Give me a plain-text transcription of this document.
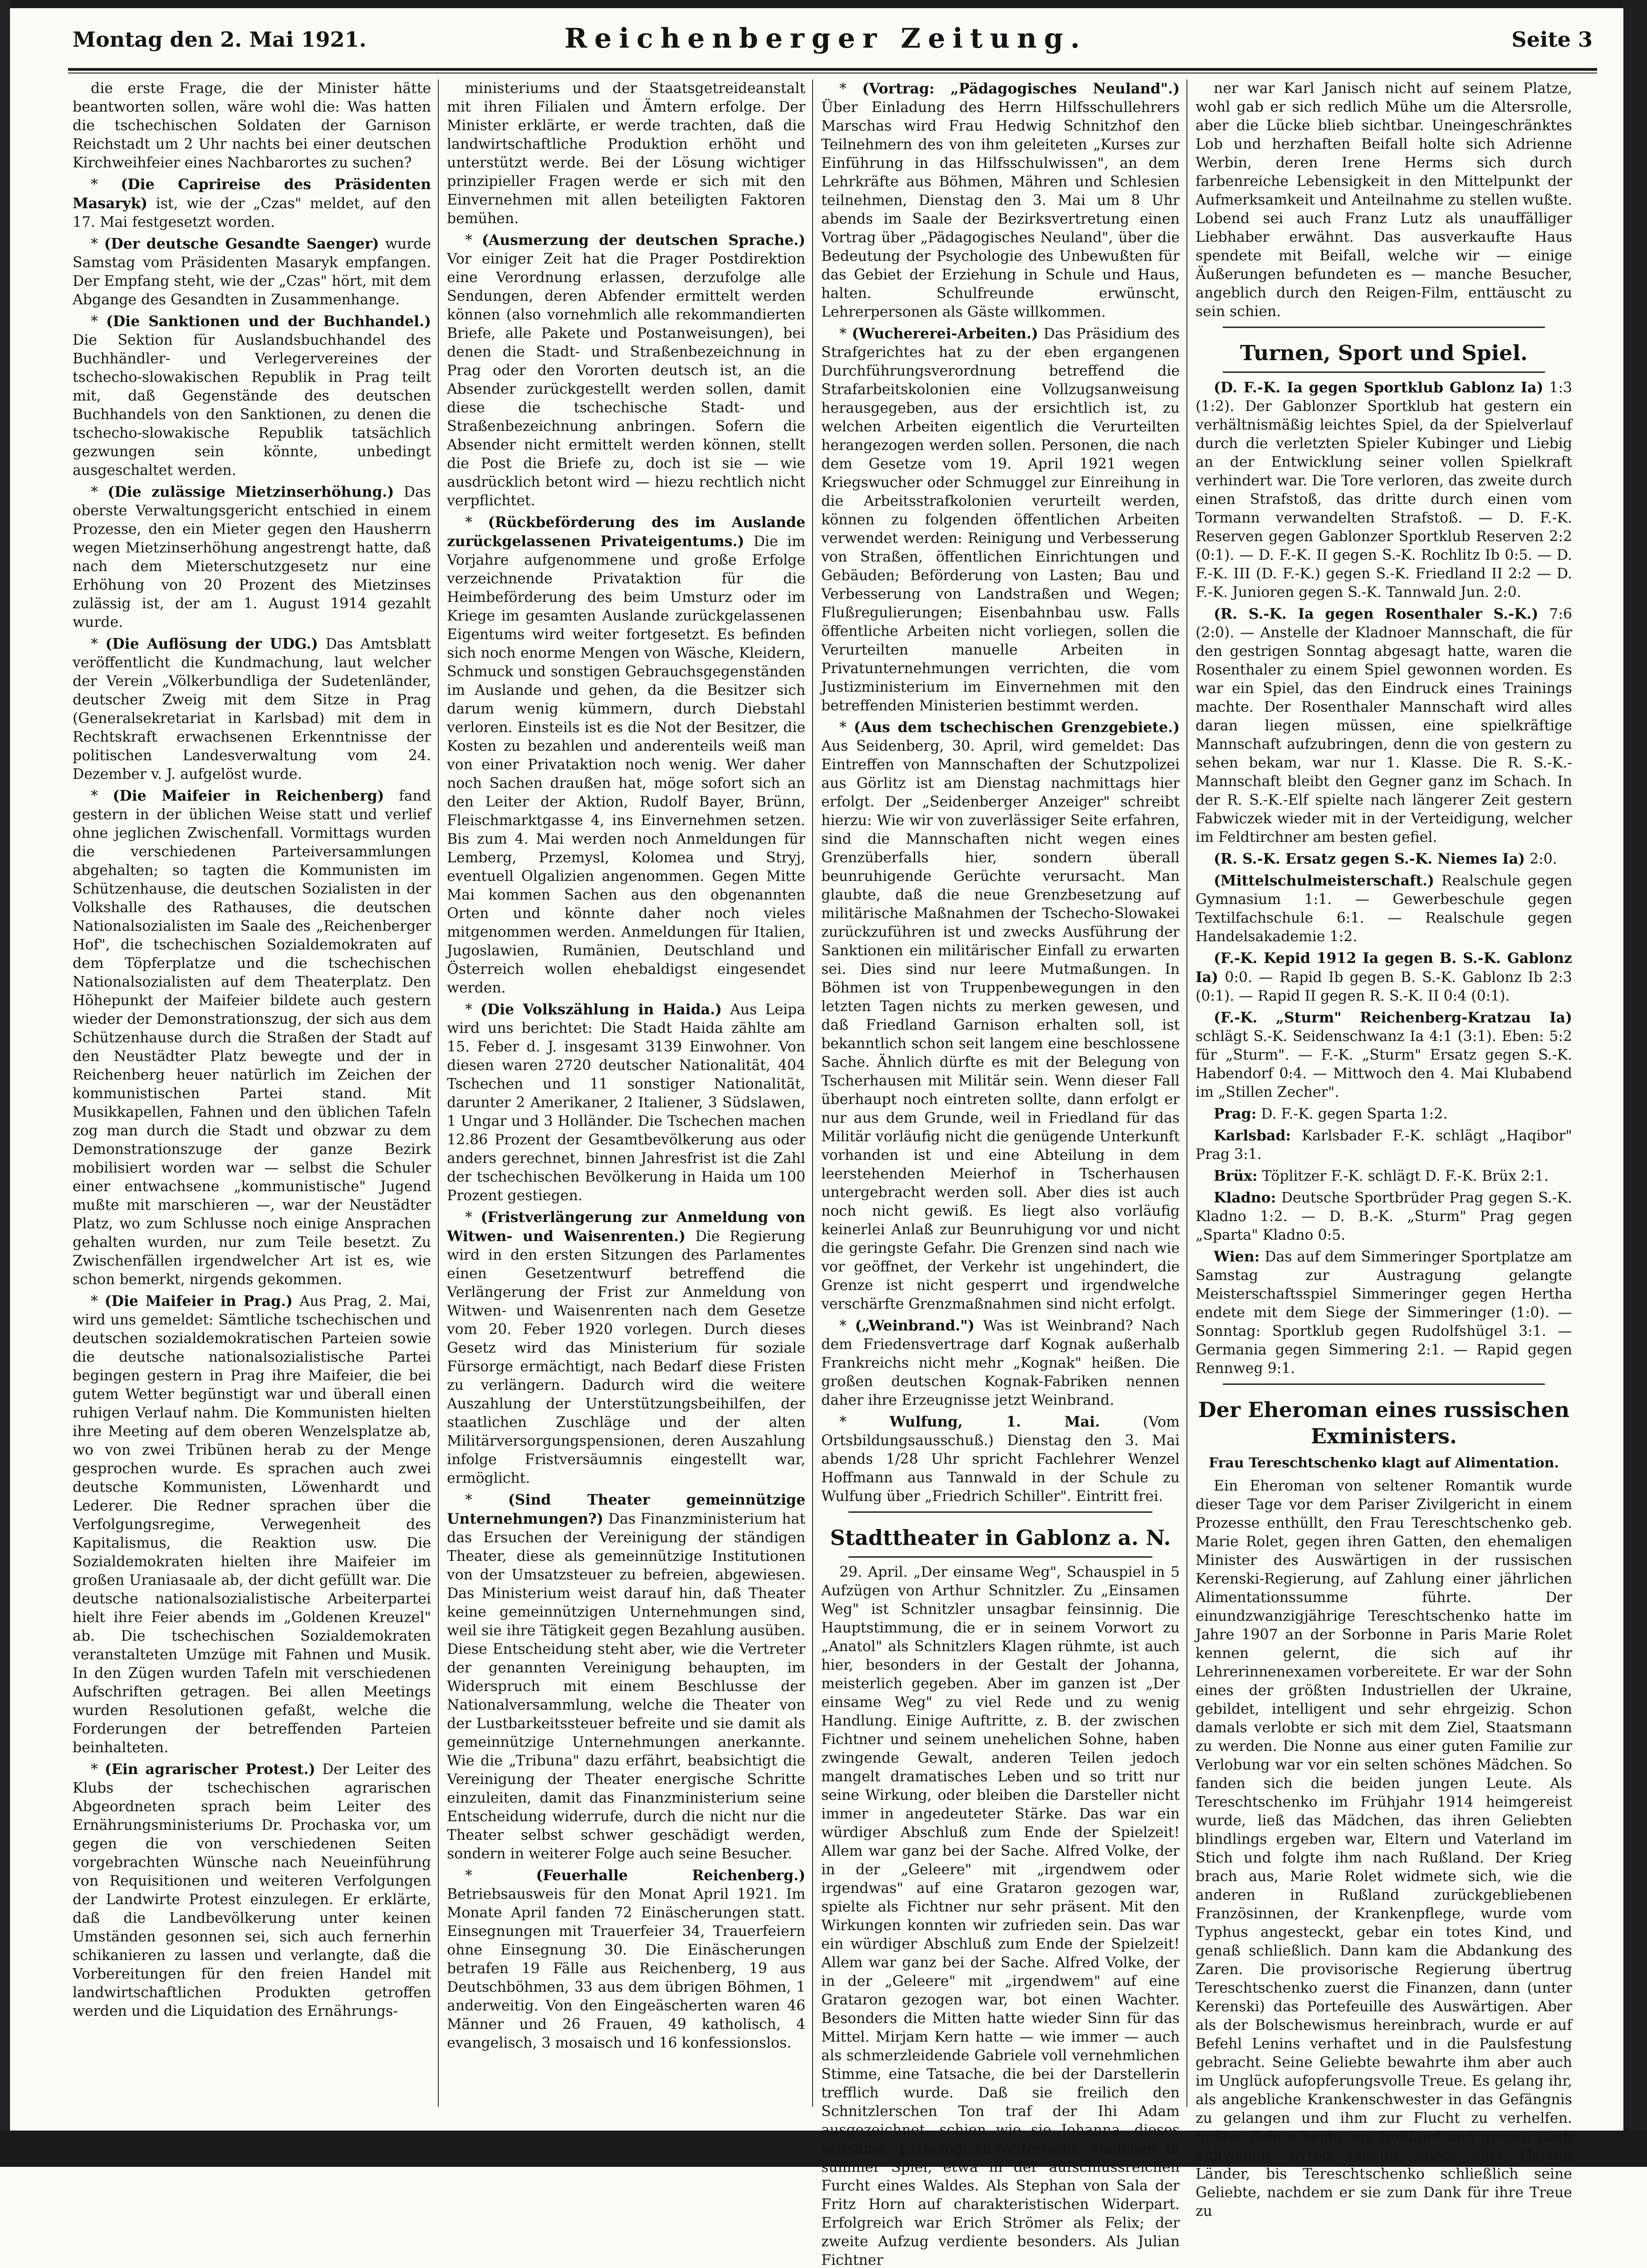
Montag den 2. Mai 1921.	Reichenberger Zeitung.	Seite 3

die erste Frage, die der Minister hätte beantworten sollen, wäre wohl die: Was hatten die tschechischen Soldaten der Garnison Reichstadt um 2 Uhr nachts bei einer deutschen Kirchweihfeier eines Nachbarortes zu suchen?

* (Die Caprireise des Präsidenten Masaryk) ist, wie der „Czas" meldet, auf den 17. Mai festgesetzt worden.

* (Der deutsche Gesandte Saenger) wurde Samstag vom Präsidenten Masaryk empfangen. Der Empfang steht, wie der „Czas" hört, mit dem Abgange des Gesandten in Zusammenhange.

* (Die Sanktionen und der Buchhandel.) Die Sektion für Auslandsbuchhandel des Buchhändler- und Verlegervereines der tschecho-slowakischen Republik in Prag teilt mit, daß Gegenstände des deutschen Buchhandels von den Sanktionen, zu denen die tschecho-slowakische Republik tatsächlich gezwungen sein könnte, unbedingt ausgeschaltet werden.

* (Die zulässige Mietzinserhöhung.) Das oberste Verwaltungsgericht entschied in einem Prozesse, den ein Mieter gegen den Hausherrn wegen Mietzinserhöhung angestrengt hatte, daß nach dem Mieterschutzgesetz nur eine Erhöhung von 20 Prozent des Mietzinses zulässig ist, der am 1. August 1914 gezahlt wurde.

* (Die Auflösung der UDG.) Das Amtsblatt veröffentlicht die Kundmachung, laut welcher der Verein „Völkerbundliga der Sudetenländer, deutscher Zweig mit dem Sitze in Prag (Generalsekretariat in Karlsbad) mit dem in Rechtskraft erwachsenen Erkenntnisse der politischen Landesverwaltung vom 24. Dezember v. J. aufgelöst wurde.

* (Die Maifeier in Reichenberg) fand gestern in der üblichen Weise statt und verlief ohne jeglichen Zwischenfall. Vormittags wurden die verschiedenen Parteiversammlungen abgehalten; so tagten die Kommunisten im Schützenhause, die deutschen Sozialisten in der Volkshalle des Rathauses, die deutschen Nationalsozialisten im Saale des „Reichenberger Hof", die tschechischen Sozialdemokraten auf dem Töpferplatze und die tschechischen Nationalsozialisten auf dem Theaterplatz. Den Höhepunkt der Maifeier bildete auch gestern wieder der Demonstrationszug, der sich aus dem Schützenhause durch die Straßen der Stadt auf den Neustädter Platz bewegte und der in Reichenberg heuer natürlich im Zeichen der kommunistischen Partei stand. Mit Musikkapellen, Fahnen und den üblichen Tafeln zog man durch die Stadt und obzwar zu dem Demonstrationszuge der ganze Bezirk mobilisiert worden war — selbst die Schuler einer entwachsene „kommunistische" Jugend mußte mit marschieren —, war der Neustädter Platz, wo zum Schlusse noch einige Ansprachen gehalten wurden, nur zum Teile besetzt. Zu Zwischenfällen irgendwelcher Art ist es, wie schon bemerkt, nirgends gekommen.

* (Die Maifeier in Prag.) Aus Prag, 2. Mai, wird uns gemeldet: Sämtliche tschechischen und deutschen sozialdemokratischen Parteien sowie die deutsche nationalsozialistische Partei begingen gestern in Prag ihre Maifeier, die bei gutem Wetter begünstigt war und überall einen ruhigen Verlauf nahm. Die Kommunisten hielten ihre Meeting auf dem oberen Wenzelsplatze ab, wo von zwei Tribünen herab zu der Menge gesprochen wurde. Es sprachen auch zwei deutsche Kommunisten, Löwenhardt und Lederer. Die Redner sprachen über die Verfolgungsregime, Verwegenheit des Kapitalismus, die Reaktion usw. Die Sozialdemokraten hielten ihre Maifeier im großen Uraniasaale ab, der dicht gefüllt war. Die deutsche nationalsozialistische Arbeiterpartei hielt ihre Feier abends im „Goldenen Kreuzel" ab. Die tschechischen Sozialdemokraten veranstalteten Umzüge mit Fahnen und Musik. In den Zügen wurden Tafeln mit verschiedenen Aufschriften getragen. Bei allen Meetings wurden Resolutionen gefaßt, welche die Forderungen der betreffenden Parteien beinhalteten.

* (Ein agrarischer Protest.) Der Leiter des Klubs der tschechischen agrarischen Abgeordneten sprach beim Leiter des Ernährungsministeriums Dr. Prochaska vor, um gegen die von verschiedenen Seiten vorgebrachten Wünsche nach Neueinführung von Requisitionen und weiteren Verfolgungen der Landwirte Protest einzulegen. Er erklärte, daß die Landbevölkerung unter keinen Umständen gesonnen sei, sich auch fernerhin schikanieren zu lassen und verlangte, daß die Vorbereitungen für den freien Handel mit landwirtschaftlichen Produkten getroffen werden und die Liquidation des Ernährungs-

ministeriums und der Staatsgetreideanstalt mit ihren Filialen und Ämtern erfolge. Der Minister erklärte, er werde trachten, daß die landwirtschaftliche Produktion erhöht und unterstützt werde. Bei der Lösung wichtiger prinzipieller Fragen werde er sich mit den Einvernehmen mit allen beteiligten Faktoren bemühen.

* (Ausmerzung der deutschen Sprache.) Vor einiger Zeit hat die Prager Postdirektion eine Verordnung erlassen, derzufolge alle Sendungen, deren Abfender ermittelt werden können (also vornehmlich alle rekommandierten Briefe, alle Pakete und Postanweisungen), bei denen die Stadt- und Straßenbezeichnung in Prag oder den Vororten deutsch ist, an die Absender zurückgestellt werden sollen, damit diese die tschechische Stadt- und Straßenbezeichnung anbringen. Sofern die Absender nicht ermittelt werden können, stellt die Post die Briefe zu, doch ist sie — wie ausdrücklich betont wird — hiezu rechtlich nicht verpflichtet.

* (Rückbeförderung des im Auslande zurückgelassenen Privateigentums.) Die im Vorjahre aufgenommene und große Erfolge verzeichnende Privataktion für die Heimbeförderung des beim Umsturz oder im Kriege im gesamten Auslande zurückgelassenen Eigentums wird weiter fortgesetzt. Es befinden sich noch enorme Mengen von Wäsche, Kleidern, Schmuck und sonstigen Gebrauchsgegenständen im Auslande und gehen, da die Besitzer sich darum wenig kümmern, durch Diebstahl verloren. Einsteils ist es die Not der Besitzer, die Kosten zu bezahlen und anderenteils weiß man von einer Privataktion noch wenig. Wer daher noch Sachen draußen hat, möge sofort sich an den Leiter der Aktion, Rudolf Bayer, Brünn, Fleischmarktgasse 4, ins Einvernehmen setzen. Bis zum 4. Mai werden noch Anmeldungen für Lemberg, Przemysl, Kolomea und Stryj, eventuell Olgalizien angenommen. Gegen Mitte Mai kommen Sachen aus den obgenannten Orten und könnte daher noch vieles mitgenommen werden. Anmeldungen für Italien, Jugoslawien, Rumänien, Deutschland und Österreich wollen ehebaldigst eingesendet werden.

* (Die Volkszählung in Haida.) Aus Leipa wird uns berichtet: Die Stadt Haida zählte am 15. Feber d. J. insgesamt 3139 Einwohner. Von diesen waren 2720 deutscher Nationalität, 404 Tschechen und 11 sonstiger Nationalität, darunter 2 Amerikaner, 2 Italiener, 3 Südslawen, 1 Ungar und 3 Holländer. Die Tschechen machen 12.86 Prozent der Gesamtbevölkerung aus oder anders gerechnet, binnen Jahresfrist ist die Zahl der tschechischen Bevölkerung in Haida um 100 Prozent gestiegen.

* (Fristverlängerung zur Anmeldung von Witwen- und Waisenrenten.) Die Regierung wird in den ersten Sitzungen des Parlamentes einen Gesetzentwurf betreffend die Verlängerung der Frist zur Anmeldung von Witwen- und Waisenrenten nach dem Gesetze vom 20. Feber 1920 vorlegen. Durch dieses Gesetz wird das Ministerium für soziale Fürsorge ermächtigt, nach Bedarf diese Fristen zu verlängern. Dadurch wird die weitere Auszahlung der Unterstützungsbeihilfen, der staatlichen Zuschläge und der alten Militärversorgungspensionen, deren Auszahlung infolge Fristversäumnis eingestellt war, ermöglicht.

* (Sind Theater gemeinnützige Unternehmungen?) Das Finanzministerium hat das Ersuchen der Vereinigung der ständigen Theater, diese als gemeinnützige Institutionen von der Umsatzsteuer zu befreien, abgewiesen. Das Ministerium weist darauf hin, daß Theater keine gemeinnützigen Unternehmungen sind, weil sie ihre Tätigkeit gegen Bezahlung ausüben. Diese Entscheidung steht aber, wie die Vertreter der genannten Vereinigung behaupten, im Widerspruch mit einem Beschlusse der Nationalversammlung, welche die Theater von der Lustbarkeitssteuer befreite und sie damit als gemeinnützige Unternehmungen anerkannte. Wie die „Tribuna" dazu erfährt, beabsichtigt die Vereinigung der Theater energische Schritte einzuleiten, damit das Finanzministerium seine Entscheidung widerrufe, durch die nicht nur die Theater selbst schwer geschädigt werden, sondern in weiterer Folge auch seine Besucher.

* (Feuerhalle Reichenberg.) Betriebsausweis für den Monat April 1921. Im Monate April fanden 72 Einäscherungen statt. Einsegnungen mit Trauerfeier 34, Trauerfeiern ohne Einsegnung 30. Die Einäscherungen betrafen 19 Fälle aus Reichenberg, 19 aus Deutschböhmen, 33 aus dem übrigen Böhmen, 1 anderweitig. Von den Eingeäscherten waren 46 Männer und 26 Frauen, 49 katholisch, 4 evangelisch, 3 mosaisch und 16 konfessionslos.

* (Vortrag: „Pädagogisches Neuland".) Über Einladung des Herrn Hilfsschullehrers Marschas wird Frau Hedwig Schnitzhof den Teilnehmern des von ihm geleiteten „Kurses zur Einführung in das Hilfsschulwissen", an dem Lehrkräfte aus Böhmen, Mähren und Schlesien teilnehmen, Dienstag den 3. Mai um 8 Uhr abends im Saale der Bezirksvertretung einen Vortrag über „Pädagogisches Neuland", über die Bedeutung der Psychologie des Unbewußten für das Gebiet der Erziehung in Schule und Haus, halten. Schulfreunde erwünscht, Lehrerpersonen als Gäste willkommen.

* (Wuchererei-Arbeiten.) Das Präsidium des Strafgerichtes hat zu der eben ergangenen Durchführungsverordnung betreffend die Strafarbeitskolonien eine Vollzugsanweisung herausgegeben, aus der ersichtlich ist, zu welchen Arbeiten eigentlich die Verurteilten herangezogen werden sollen. Personen, die nach dem Gesetze vom 19. April 1921 wegen Kriegswucher oder Schmuggel zur Einreihung in die Arbeitsstrafkolonien verurteilt werden, können zu folgenden öffentlichen Arbeiten verwendet werden: Reinigung und Verbesserung von Straßen, öffentlichen Einrichtungen und Gebäuden; Beförderung von Lasten; Bau und Verbesserung von Landstraßen und Wegen; Flußregulierungen; Eisenbahnbau usw. Falls öffentliche Arbeiten nicht vorliegen, sollen die Verurteilten manuelle Arbeiten in Privatunternehmungen verrichten, die vom Justizministerium im Einvernehmen mit den betreffenden Ministerien bestimmt werden.

* (Aus dem tschechischen Grenzgebiete.) Aus Seidenberg, 30. April, wird gemeldet: Das Eintreffen von Mannschaften der Schutzpolizei aus Görlitz ist am Dienstag nachmittags hier erfolgt. Der „Seidenberger Anzeiger" schreibt hierzu: Wie wir von zuverlässiger Seite erfahren, sind die Mannschaften nicht wegen eines Grenzüberfalls hier, sondern überall beunruhigende Gerüchte verursacht. Man glaubte, daß die neue Grenzbesetzung auf militärische Maßnahmen der Tschecho-Slowakei zurückzuführen ist und zwecks Ausführung der Sanktionen ein militärischer Einfall zu erwarten sei. Dies sind nur leere Mutmaßungen. In Böhmen ist von Truppenbewegungen in den letzten Tagen nichts zu merken gewesen, und daß Friedland Garnison erhalten soll, ist bekanntlich schon seit langem eine beschlossene Sache. Ähnlich dürfte es mit der Belegung von Tscherhausen mit Militär sein. Wenn dieser Fall überhaupt noch eintreten sollte, dann erfolgt er nur aus dem Grunde, weil in Friedland für das Militär vorläufig nicht die genügende Unterkunft vorhanden ist und eine Abteilung in dem leerstehenden Meierhof in Tscherhausen untergebracht werden soll. Aber dies ist auch noch nicht gewiß. Es liegt also vorläufig keinerlei Anlaß zur Beunruhigung vor und nicht die geringste Gefahr. Die Grenzen sind nach wie vor geöffnet, der Verkehr ist ungehindert, die Grenze ist nicht gesperrt und irgendwelche verschärfte Grenzmaßnahmen sind nicht erfolgt.

* („Weinbrand.") Was ist Weinbrand? Nach dem Friedensvertrage darf Kognak außerhalb Frankreichs nicht mehr „Kognak" heißen. Die großen deutschen Kognak-Fabriken nennen daher ihre Erzeugnisse jetzt Weinbrand.

* Wulfung, 1. Mai.	(Vom Ortsbildungsausschuß.) Dienstag den 3. Mai abends 1/28 Uhr spricht Fachlehrer Wenzel Hoffmann aus Tannwald in der Schule zu Wulfung über „Friedrich Schiller". Eintritt frei.

Stadttheater in Gablonz a. N.

29. April. „Der einsame Weg", Schauspiel in 5 Aufzügen von Arthur Schnitzler. Zu „Einsamen Weg" ist Schnitzler unsagbar feinsinnig. Die Hauptstimmung, die er in seinem Vorwort zu „Anatol" als Schnitzlers Klagen rühmte, ist auch hier, besonders in der Gestalt der Johanna, meisterlich gegeben. Aber im ganzen ist „Der einsame Weg" zu viel Rede und zu wenig Handlung. Einige Auftritte, z. B. der zwischen Fichtner und seinem unehelichen Sohne, haben zwingende Gewalt, anderen Teilen jedoch mangelt dramatisches Leben und so tritt nur seine Wirkung, oder bleiben die Darsteller nicht immer in angedeuteter Stärke. Das war ein würdiger Abschluß zum Ende der Spielzeit! Allem war ganz bei der Sache. Alfred Volke, der in der „Geleere" mit „irgendwem oder irgendwas" auf eine Grataron gezogen war, spielte als Fichtner nur sehr präsent. Mit den Wirkungen konnten wir zufrieden sein. Das war ein würdiger Abschluß zum Ende der Spielzeit! Allem war ganz bei der Sache. Alfred Volke, der in der „Geleere" mit „irgendwem" auf eine Grataron gezogen war, bot einen Wachter. Besonders die Mitten hatte wieder Sinn für das Mittel. Mirjam Kern hatte — wie immer — auch als schmerzleidende Gabriele voll vernehmlichen Stimme, eine Tatsache, die bei der Darstellerin trefflich wurde. Daß sie freilich den Schnitzlerschen Ton traf der Ihi Adam ausgezeichnet, schien wie sie Johanna, dieses seltsame, pathologisch-hysterische Mädchen in summer Spiel, etwa in der aufschlussreichen Furcht eines Waldes. Als Stephan von Sala der Fritz Horn auf charakteristischen Widerpart. Erfolgreich war Erich Strömer als Felix; der zweite Aufzug verdiente besonders. Als Julian Fichtner

ner war Karl Janisch nicht auf seinem Platze, wohl gab er sich redlich Mühe um die Altersrolle, aber die Lücke blieb sichtbar. Uneingeschränktes Lob und herzhaften Beifall holte sich Adrienne Werbin, deren Irene Herms sich durch farbenreiche Lebensigkeit in den Mittelpunkt der Aufmerksamkeit und Anteilnahme zu stellen wußte. Lobend sei auch Franz Lutz als unauffälliger Liebhaber erwähnt. Das ausverkaufte Haus spendete mit Beifall, welche wir — einige Äußerungen befundeten es — manche Besucher, angeblich durch den Reigen-Film, enttäuscht zu sein schien.

Turnen, Sport und Spiel.

(D. F.-K. Ia gegen Sportklub Gablonz Ia) 1:3 (1:2). Der Gablonzer Sportklub hat gestern ein verhältnismäßig leichtes Spiel, da der Spielverlauf durch die verletzten Spieler Kubinger und Liebig an der Entwicklung seiner vollen Spielkraft verhindert war. Die Tore verloren, das zweite durch einen Strafstoß, das dritte durch einen vom Tormann verwandelten Strafstoß. — D. F.-K. Reserven gegen Gablonzer Sportklub Reserven 2:2 (0:1). — D. F.-K. II gegen S.-K. Rochlitz Ib 0:5. — D. F.-K. III (D. F.-K.) gegen S.-K. Friedland II 2:2 — D. F.-K. Junioren gegen S.-K. Tannwald Jun. 2:0.

(R. S.-K. Ia gegen Rosenthaler S.-K.) 7:6 (2:0). — Anstelle der Kladnoer Mannschaft, die für den gestrigen Sonntag abgesagt hatte, waren die Rosenthaler zu einem Spiel gewonnen worden. Es war ein Spiel, das den Eindruck eines Trainings machte. Der Rosenthaler Mannschaft wird alles daran liegen müssen, eine spielkräftige Mannschaft aufzubringen, denn die von gestern zu sehen bekam, war nur 1. Klasse. Die R. S.-K.-Mannschaft bleibt den Gegner ganz im Schach. In der R. S.-K.-Elf spielte nach längerer Zeit gestern Fabwiczek wieder mit in der Verteidigung, welcher im Feldtirchner am besten gefiel.

(R. S.-K. Ersatz gegen S.-K. Niemes Ia) 2:0.

(Mittelschulmeisterschaft.) Realschule gegen Gymnasium 1:1. — Gewerbeschule gegen Textilfachschule 6:1. — Realschule gegen Handelsakademie 1:2.

(F.-K. Kepid 1912 Ia gegen B. S.-K. Gablonz Ia) 0:0. — Rapid Ib gegen B. S.-K. Gablonz Ib 2:3 (0:1). — Rapid II gegen R. S.-K. II 0:4 (0:1).

(F.-K. „Sturm" Reichenberg-Kratzau Ia) schlägt S.-K. Seidenschwanz Ia 4:1 (3:1). Eben: 5:2 für „Sturm". — F.-K. „Sturm" Ersatz gegen S.-K. Habendorf 0:4. — Mittwoch den 4. Mai Klubabend im „Stillen Zecher".

Prag: D. F.-K. gegen Sparta 1:2.

Karlsbad: Karlsbader F.-K. schlägt „Haqibor" Prag 3:1.

Brüx: Töplitzer F.-K. schlägt D. F.-K. Brüx 2:1.

Kladno: Deutsche Sportbrüder Prag gegen S.-K. Kladno 1:2. — D. B.-K. „Sturm" Prag gegen „Sparta" Kladno 0:5.

Wien: Das auf dem Simmeringer Sportplatze am Samstag zur Austragung gelangte Meisterschaftsspiel Simmeringer gegen Hertha endete mit dem Siege der Simmeringer (1:0). — Sonntag: Sportklub gegen Rudolfshügel 3:1. — Germania gegen Simmering 2:1. — Rapid gegen Rennweg 9:1.

Der Eheroman eines russischen Exministers.
Frau Tereschtschenko klagt auf Alimentation.

Ein Eheroman von seltener Romantik wurde dieser Tage vor dem Pariser Zivilgericht in einem Prozesse enthüllt, den Frau Tereschtschenko geb. Marie Rolet, gegen ihren Gatten, den ehemaligen Minister des Auswärtigen in der russischen Kerenski-Regierung, auf Zahlung einer jährlichen Alimentationssumme führte. Der einundzwanzigjährige Tereschtschenko hatte im Jahre 1907 an der Sorbonne in Paris Marie Rolet kennen gelernt, die sich auf ihr Lehrerinnenexamen vorbereitete. Er war der Sohn eines der größten Industriellen der Ukraine, gebildet, intelligent und sehr ehrgeizig. Schon damals verlobte er sich mit dem Ziel, Staatsmann zu werden. Die Nonne aus einer guten Familie zur Verlobung war vor ein selten schönes Mädchen. So fanden sich die beiden jungen Leute. Als Tereschtschenko im Frühjahr 1914 heimgereist wurde, ließ das Mädchen, das ihren Geliebten blindlings ergeben war, Eltern und Vaterland im Stich und folgte ihm nach Rußland. Der Krieg brach aus, Marie Rolet widmete sich, wie die anderen in Rußland zurückgebliebenen Französinnen, der Krankenpflege, wurde vom Typhus angesteckt, gebar ein totes Kind, und genaß schließlich. Dann kam die Abdankung des Zaren. Die provisorische Regierung übertrug Tereschtschenko zuerst die Finanzen, dann (unter Kerenski) das Portefeuille des Auswärtigen. Aber als der Bolschewismus hereinbrach, wurde er auf Befehl Lenins verhaftet und in die Paulsfestung gebracht. Seine Geliebte bewahrte ihm aber auch im Unglück aufopferungsvolle Treue. Es gelang ihr, als angebliche Krankenschwester in das Gefängnis zu gelangen und ihm zur Flucht zu verhelfen. Später flohen beide aus Rußland und gingen nach Schweden, irrten ruhelos durch aller Herren Länder, bis Tereschtschenko schließlich seine Geliebte, nachdem er sie zum Dank für ihre Treue zu
